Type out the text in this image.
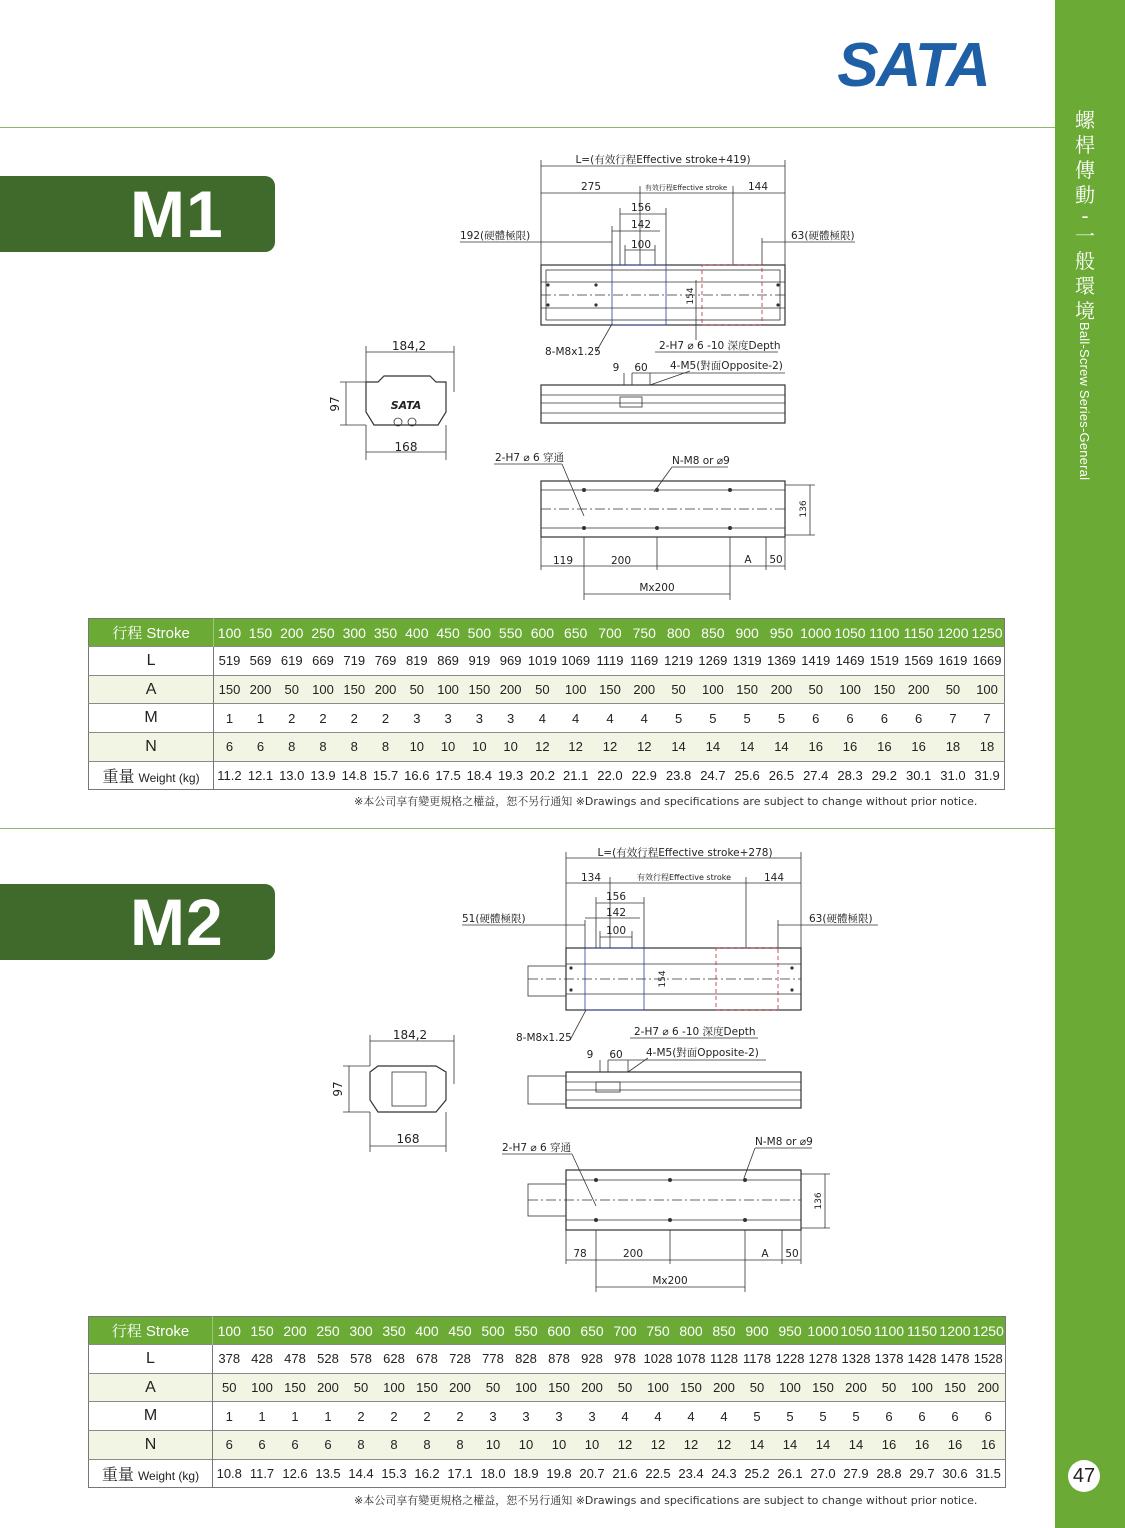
螺
桿
傳
動
-
一
般
環
境
Ball-Screw Series-General
47
SATA
M1
M2
L=(有效行程Effective stroke+419)
275	有效行程Effective stroke 144
156
142
100
192(硬體極限)	63(硬體極限)
154
8-M8x1.25	2-H7 ⌀ 6 -10 深度Depth
9 60 4-M5(對面Opposite-2)
184,2
97
168
SATA
2-H7 ⌀ 6 穿通	N-M8 or ⌀9
136
119	200	A 50
Mx200
行程 Stroke	100	150	200	250	300	350	400	450	500	550	600	650	700	750	800	850	900	950	1000	1050	1100	1150	1200	1250
L	519	569	619	669	719	769	819	869	919	969	1019	1069	1119	1169	1219	1269	1319	1369	1419	1469	1519	1569	1619	1669
A	150	200	50	100	150	200	50	100	150	200	50	100	150	200	50	100	150	200	50	100	150	200	50	100
M	1	1	2	2	2	2	3	3	3	3	4	4	4	4	5	5	5	5	6	6	6	6	7	7
N	6	6	8	8	8	8	10	10	10	10	12	12	12	12	14	14	14	14	16	16	16	16	18	18
重量 Weight (kg)	11.2	12.1	13.0	13.9	14.8	15.7	16.6	17.5	18.4	19.3	20.2	21.1	22.0	22.9	23.8	24.7	25.6	26.5	27.4	28.3	29.2	30.1	31.0	31.9
※本公司享有變更規格之權益，恕不另行通知 ※Drawings and specifications are subject to change without prior notice.
L=(有效行程Effective stroke+278)
134	有效行程Effective stroke	144
156
142
100
51(硬體極限)	63(硬體極限)
154
8-M8x1.25	2-H7 ⌀ 6 -10 深度Depth
9 60 4-M5(對面Opposite-2)
184,2
97
168
2-H7 ⌀ 6 穿通	N-M8 or ⌀9
136
78	200	A 50
Mx200
行程 Stroke	100	150	200	250	300	350	400	450	500	550	600	650	700	750	800	850	900	950	1000	1050	1100	1150	1200	1250
L	378	428	478	528	578	628	678	728	778	828	878	928	978	1028	1078	1128	1178	1228	1278	1328	1378	1428	1478	1528
A	50	100	150	200	50	100	150	200	50	100	150	200	50	100	150	200	50	100	150	200	50	100	150	200
M	1	1	1	1	2	2	2	2	3	3	3	3	4	4	4	4	5	5	5	5	6	6	6	6
N	6	6	6	6	8	8	8	8	10	10	10	10	12	12	12	12	14	14	14	14	16	16	16	16
重量 Weight (kg)	10.8	11.7	12.6	13.5	14.4	15.3	16.2	17.1	18.0	18.9	19.8	20.7	21.6	22.5	23.4	24.3	25.2	26.1	27.0	27.9	28.8	29.7	30.6	31.5
※本公司享有變更規格之權益，恕不另行通知 ※Drawings and specifications are subject to change without prior notice.
